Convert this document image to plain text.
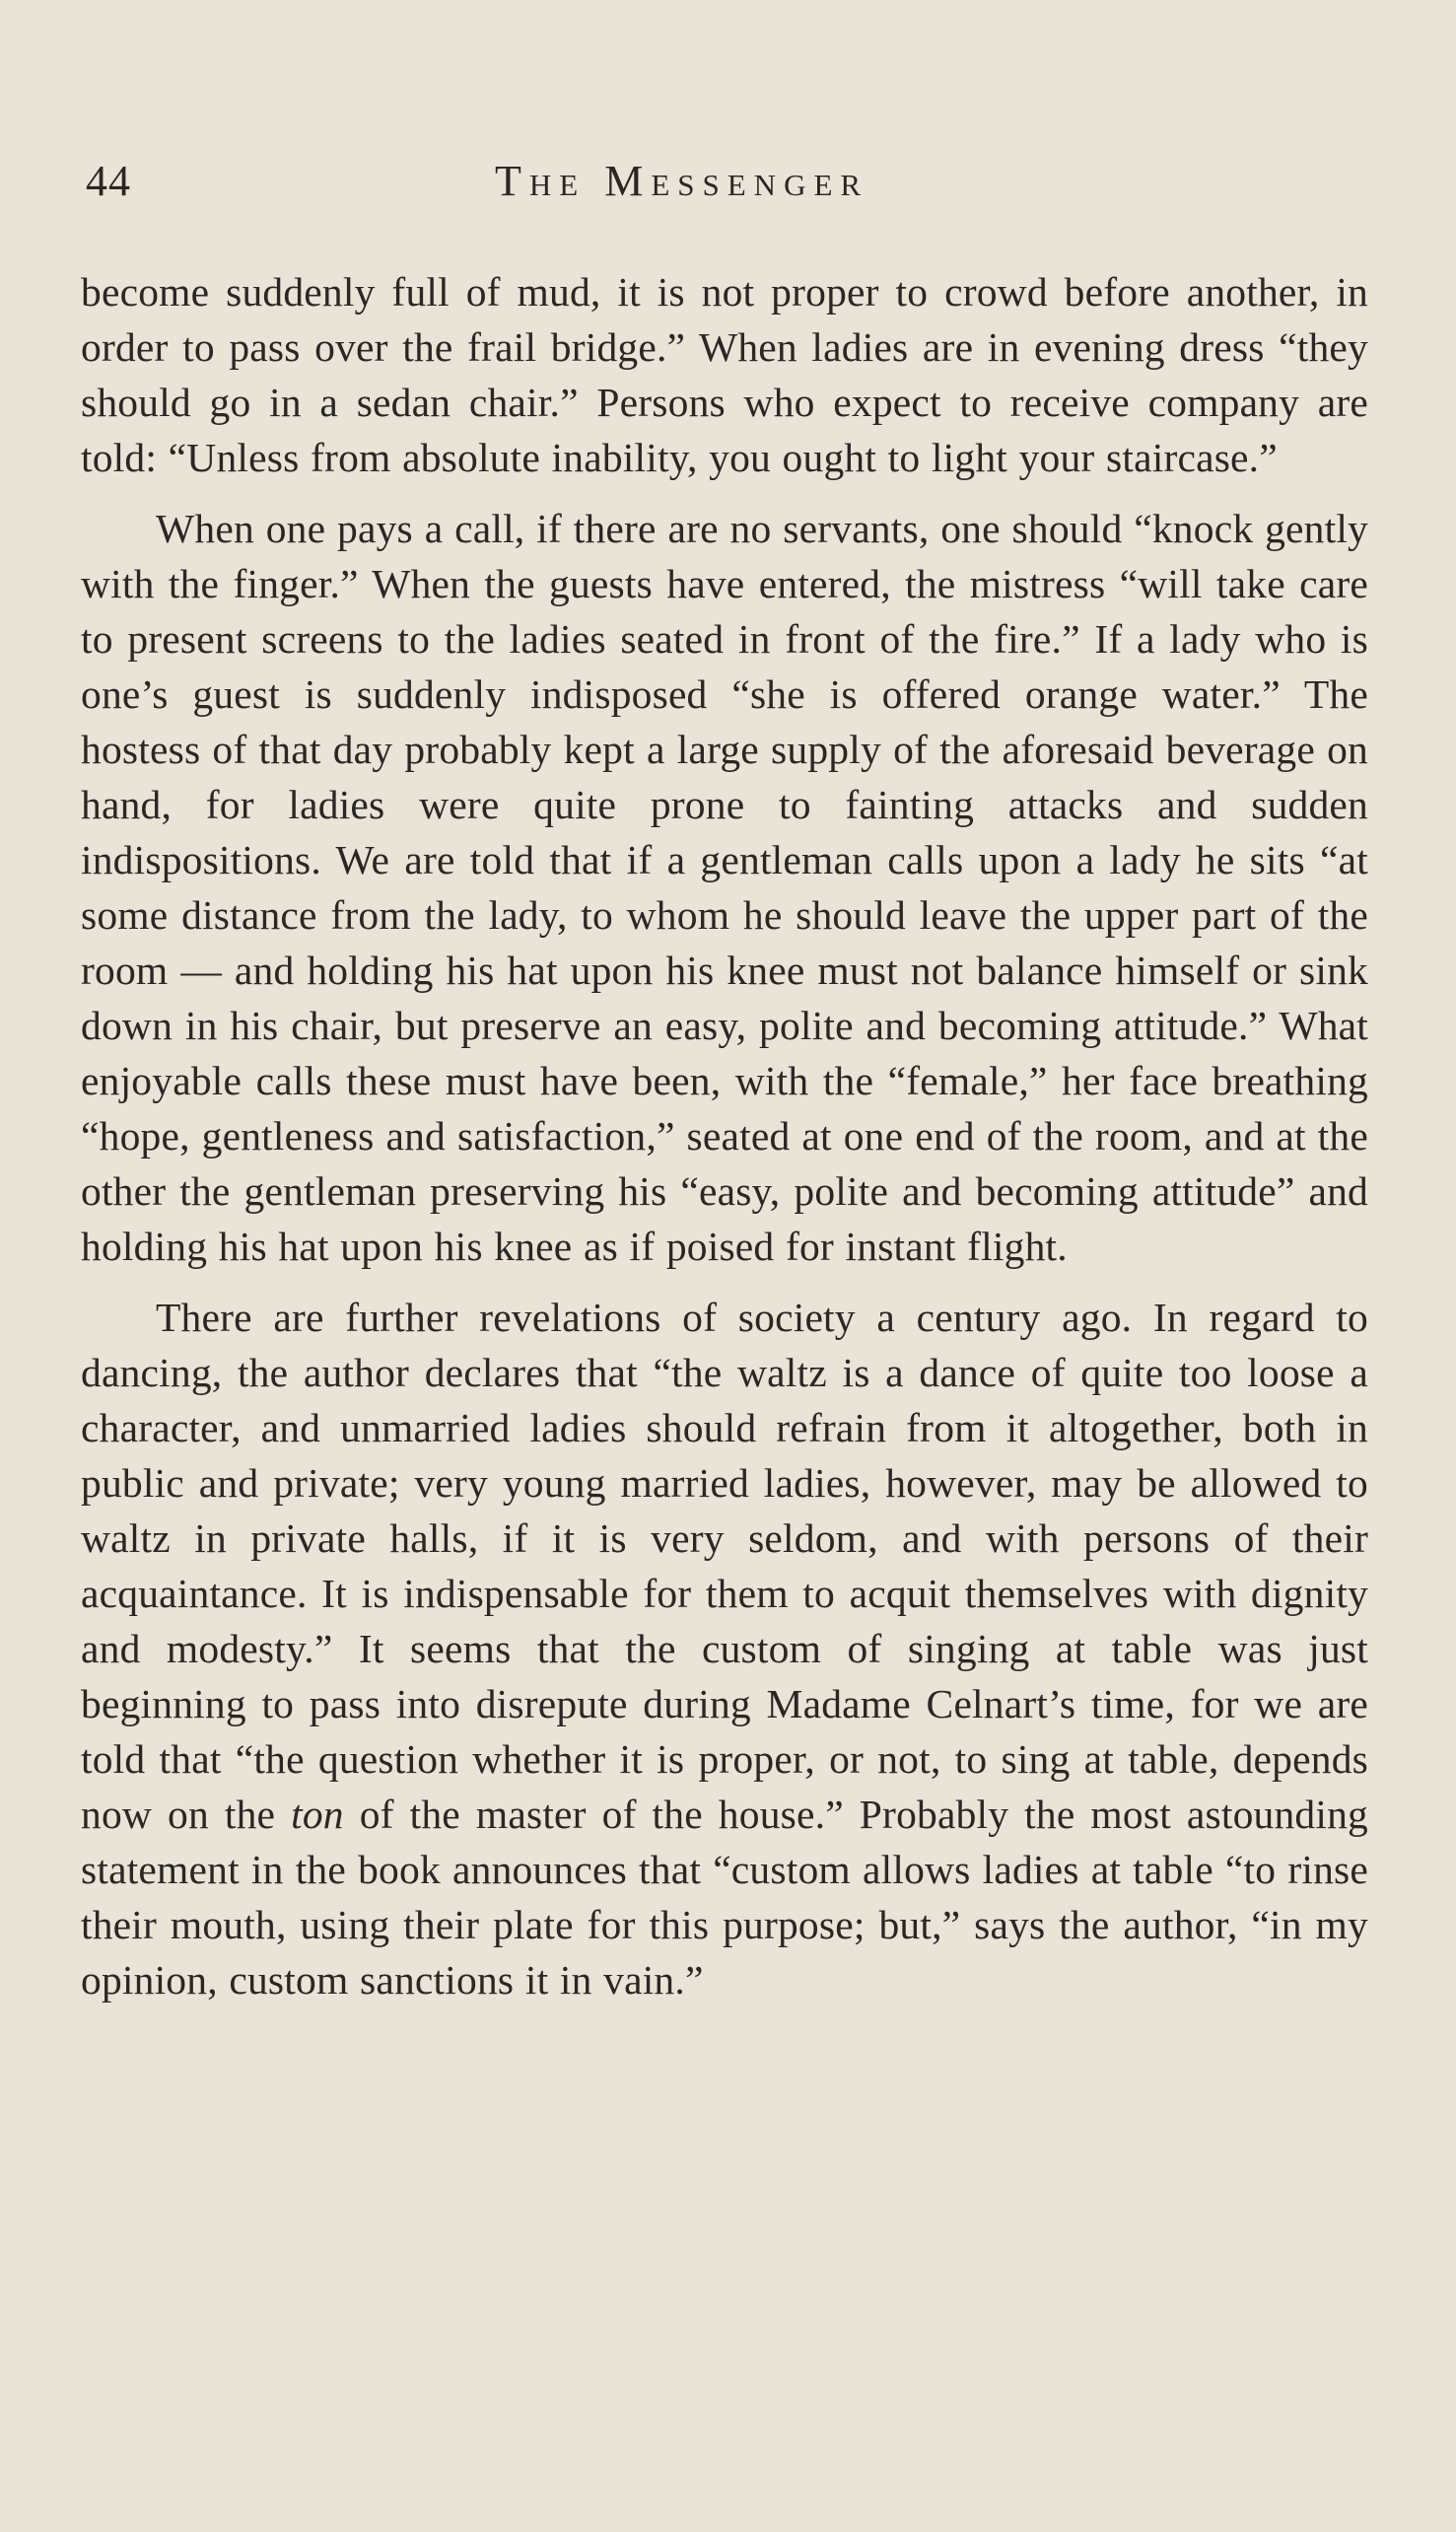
44	The Messenger

become suddenly full of mud, it is not proper to crowd before another, in order to pass over the frail bridge.” When ladies are in evening dress “they should go in a sedan chair.” Persons who expect to receive company are told: “Unless from absolute inability, you ought to light your staircase.”

When one pays a call, if there are no servants, one should “knock gently with the finger.” When the guests have entered, the mistress “will take care to present screens to the ladies seated in front of the fire.” If a lady who is one’s guest is suddenly indisposed “she is offered orange water.” The hostess of that day probably kept a large supply of the aforesaid beverage on hand, for ladies were quite prone to fainting attacks and sudden indispositions. We are told that if a gentleman calls upon a lady he sits “at some distance from the lady, to whom he should leave the upper part of the room — and holding his hat upon his knee must not balance himself or sink down in his chair, but preserve an easy, polite and becoming attitude.” What enjoyable calls these must have been, with the “female,” her face breathing “hope, gentleness and satisfaction,” seated at one end of the room, and at the other the gentleman preserving his “easy, polite and becoming attitude” and holding his hat upon his knee as if poised for instant flight.

There are further revelations of society a century ago. In regard to dancing, the author declares that “the waltz is a dance of quite too loose a character, and unmarried ladies should refrain from it altogether, both in public and private; very young married ladies, however, may be allowed to waltz in private halls, if it is very seldom, and with persons of their acquaintance. It is indispensable for them to acquit themselves with dignity and modesty.” It seems that the custom of singing at table was just beginning to pass into disrepute during Madame Celnart’s time, for we are told that “the question whether it is proper, or not, to sing at table, depends now on the ton of the master of the house.” Probably the most astounding statement in the book announces that “custom allows ladies at table “to rinse their mouth, using their plate for this purpose; but,” says the author, “in my opinion, custom sanctions it in vain.”
